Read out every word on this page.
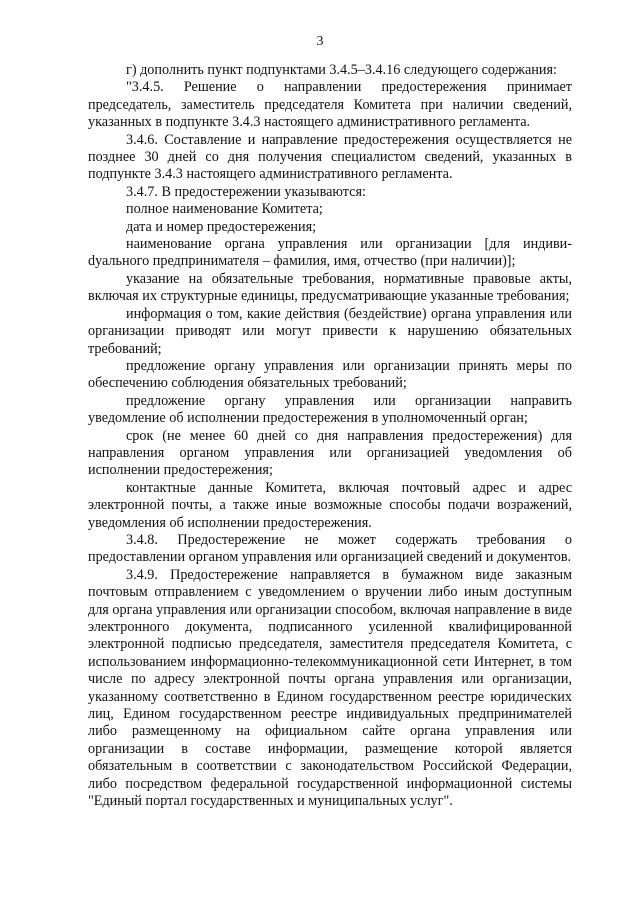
3

г) дополнить пункт подпунктами 3.4.5–3.4.16 следующего содержания:

"3.4.5. Решение о направлении предостережения принимает председатель, заместитель председателя Комитета при наличии сведений, указанных в подпункте 3.4.3 настоящего административного регламента.

3.4.6. Составление и направление предостережения осуществляется не позднее 30 дней со дня получения специалистом сведений, указанных в подпункте 3.4.3 настоящего административного регламента.

3.4.7. В предостережении указываются:

полное наименование Комитета;

дата и номер предостережения;

наименование органа управления или организации [для индивиdуального предпринимателя – фамилия, имя, отчество (при наличии)];

указание на обязательные требования, нормативные правовые акты, включая их структурные единицы, предусматривающие указанные требования;

информация о том, какие действия (бездействие) органа управления или организации приводят или могут привести к нарушению обязательных требований;

предложение органу управления или организации принять меры по обеспечению соблюдения обязательных требований;

предложение органу управления или организации направить уведомление об исполнении предостережения в уполномоченный орган;

срок (не менее 60 дней со дня направления предостережения) для направления органом управления или организацией уведомления об исполнении предостережения;

контактные данные Комитета, включая почтовый адрес и адрес электронной почты, а также иные возможные способы подачи возражений, уведомления об исполнении предостережения.

3.4.8. Предостережение не может содержать требования о предоставлении органом управления или организацией сведений и документов.

3.4.9. Предостережение направляется в бумажном виде заказным почтовым отправлением с уведомлением о вручении либо иным доступным для органа управления или организации способом, включая направление в виде электронного документа, подписанного усиленной квалифицированной электронной подписью председателя, заместителя председателя Комитета, с использованием информационно-телекоммуникационной сети Интернет, в том числе по адресу электронной почты органа управления или организации, указанному соответственно в Едином государственном реестре юридических лиц, Едином государственном реестре индивидуальных предпринимателей либо размещенному на официальном сайте органа управления или организации в составе информации, размещение которой является обязательным в соответствии с законодательством Российской Федерации, либо посредством федеральной государственной информационной системы "Единый портал государственных и муниципальных услуг".
